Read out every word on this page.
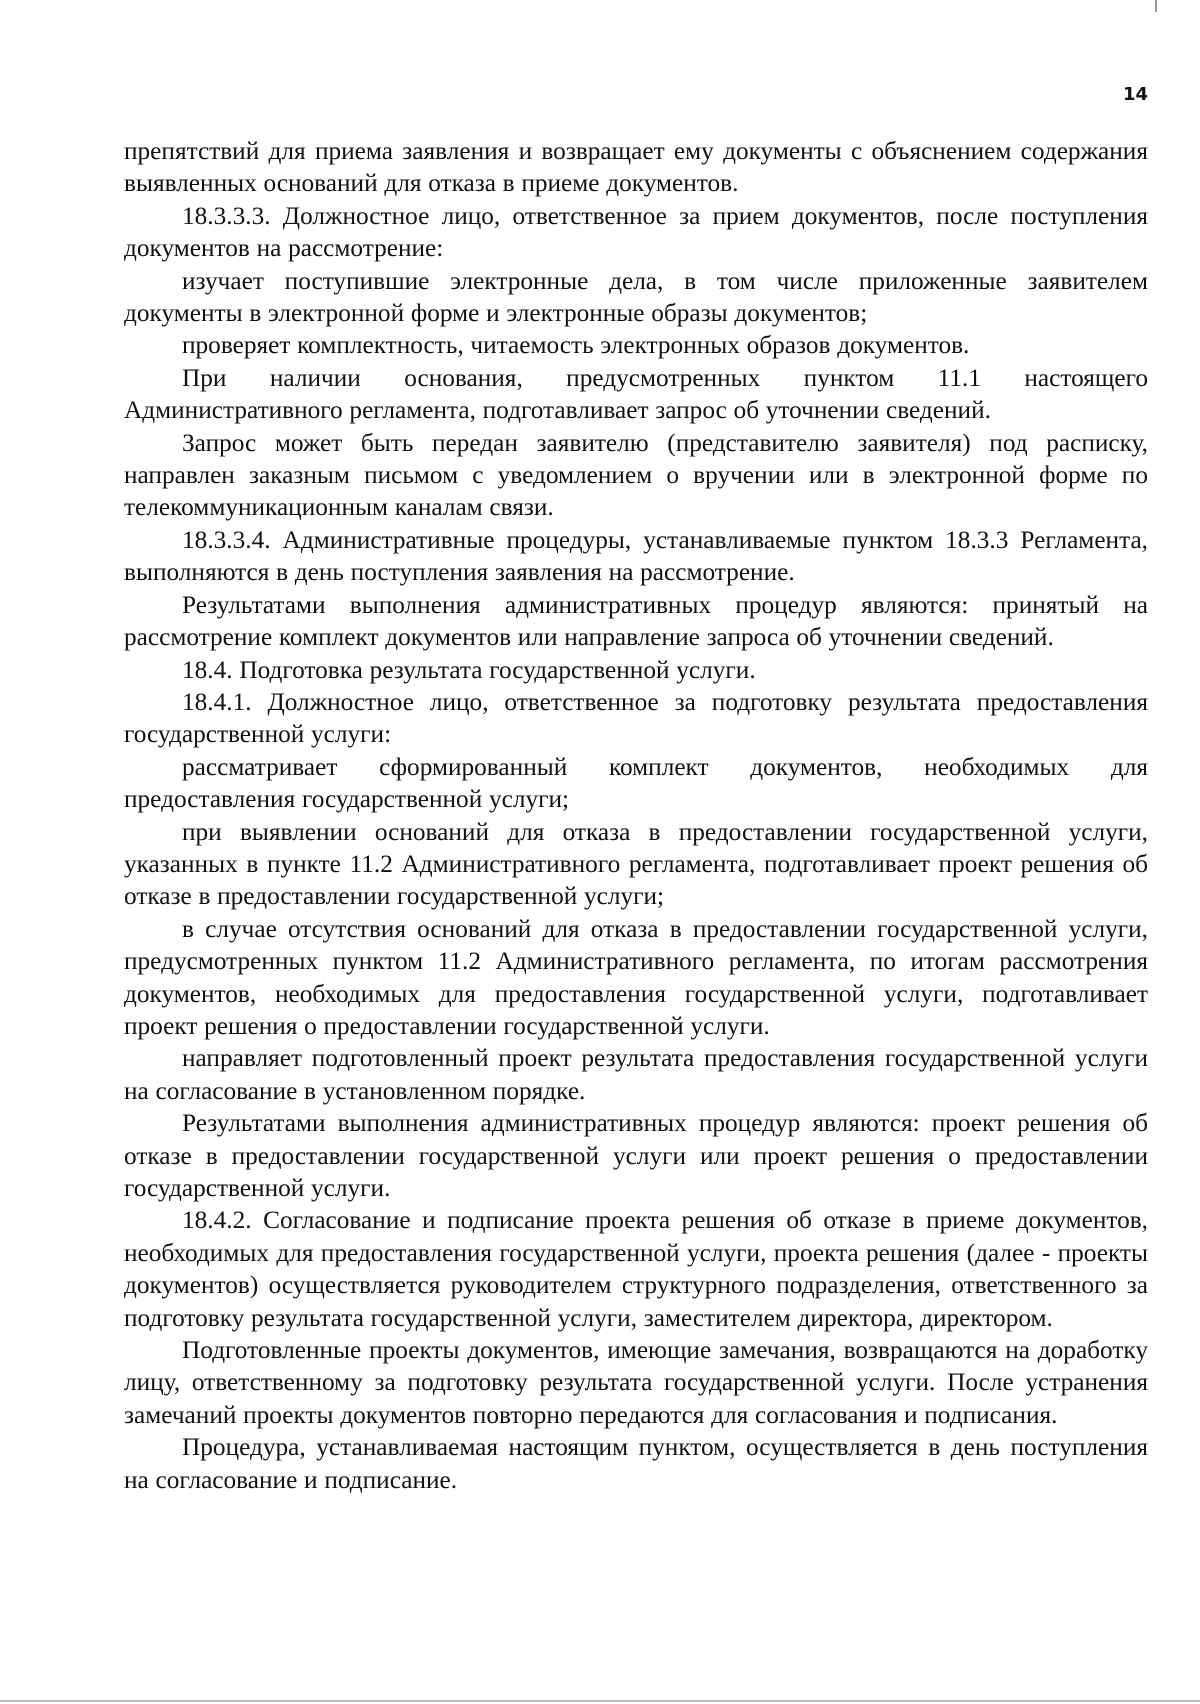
14

препятствий для приема заявления и возвращает ему документы с объяснением содержания выявленных оснований для отказа в приеме документов.

18.3.3.3. Должностное лицо, ответственное за прием документов, после поступления документов на рассмотрение:

изучает поступившие электронные дела, в том числе приложенные заявителем документы в электронной форме и электронные образы документов;

проверяет комплектность, читаемость электронных образов документов.

При наличии основания, предусмотренных пунктом 11.1 настоящего Административного регламента, подготавливает запрос об уточнении сведений.

Запрос может быть передан заявителю (представителю заявителя) под расписку, направлен заказным письмом с уведомлением о вручении или в электронной форме по телекоммуникационным каналам связи.

18.3.3.4. Административные процедуры, устанавливаемые пунктом 18.3.3 Регламента, выполняются в день поступления заявления на рассмотрение.

Результатами выполнения административных процедур являются: принятый на рассмотрение комплект документов или направление запроса об уточнении сведений.

18.4. Подготовка результата государственной услуги.

18.4.1. Должностное лицо, ответственное за подготовку результата предоставления государственной услуги:

рассматривает сформированный комплект документов, необходимых для предоставления государственной услуги;

при выявлении оснований для отказа в предоставлении государственной услуги, указанных в пункте 11.2 Административного регламента, подготавливает проект решения об отказе в предоставлении государственной услуги;

в случае отсутствия оснований для отказа в предоставлении государственной услуги, предусмотренных пунктом 11.2 Административного регламента, по итогам рассмотрения документов, необходимых для предоставления государственной услуги, подготавливает проект решения о предоставлении государственной услуги.

направляет подготовленный проект результата предоставления государственной услуги на согласование в установленном порядке.

Результатами выполнения административных процедур являются: проект решения об отказе в предоставлении государственной услуги или проект решения о предоставлении государственной услуги.

18.4.2. Согласование и подписание проекта решения об отказе в приеме документов, необходимых для предоставления государственной услуги, проекта решения (далее - проекты документов) осуществляется руководителем структурного подразделения, ответственного за подготовку результата государственной услуги, заместителем директора, директором.

Подготовленные проекты документов, имеющие замечания, возвращаются на доработку лицу, ответственному за подготовку результата государственной услуги. После устранения замечаний проекты документов повторно передаются для согласования и подписания.

Процедура, устанавливаемая настоящим пунктом, осуществляется в день поступления на согласование и подписание.
